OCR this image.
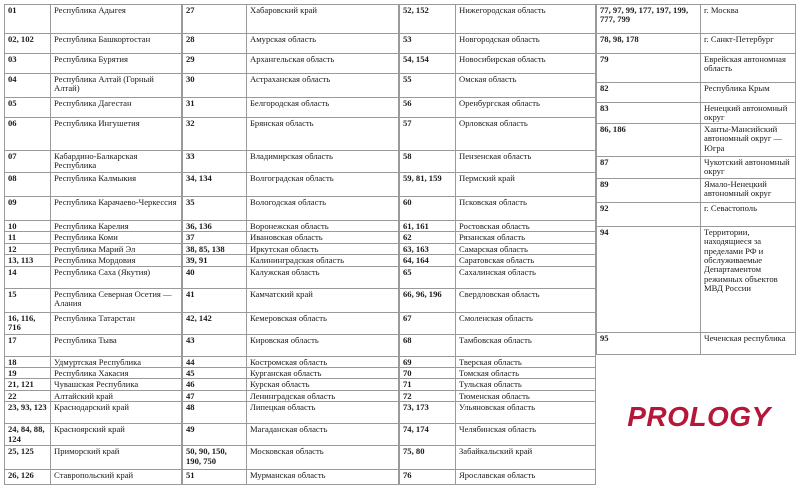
01	Республика Адыгея
02, 102	Республика Башкортостан
03	Республика Бурятия
04	Республика Алтай (Горный Алтай)
05	Республика Дагестан
06	Республика Ингушетия
07	Кабардино-Балкарская Республика
08	Республика Калмыкия
09	Республика Карачаево-Черкессия
10	Республика Карелия
11	Республика Коми
12	Республика Марий Эл
13, 113	Республика Мордовия
14	Республика Саха (Якутия)
15	Республика Северная Осетия — Алания
16, 116, 716	Республика Татарстан
17	Республика Тыва
18	Удмуртская Республика
19	Республика Хакасия
21, 121	Чувашская Республика
22	Алтайский край
23, 93, 123	Краснодарский край
24, 84, 88, 124	Красноярский край
25, 125	Приморский край
26, 126	Ставропольский край
27	Хабаровский край
28	Амурская область
29	Архангельская область
30	Астраханская область
31	Белгородская область
32	Брянская область
33	Владимирская область
34, 134	Волгоградская область
35	Вологодская область
36, 136	Воронежская область
37	Ивановская область
38, 85, 138	Иркутская область
39, 91	Калининградская область
40	Калужская область
41	Камчатский край
42, 142	Кемеровская область
43	Кировская область
44	Костромская область
45	Курганская область
46	Курская область
47	Ленинградская область
48	Липецкая область
49	Магаданская область
50, 90, 150, 190, 750	Московская область
51	Мурманская область
52, 152	Нижегородская область
53	Новгородская область
54, 154	Новосибирская область
55	Омская область
56	Оренбургская область
57	Орловская область
58	Пензенская область
59, 81, 159	Пермский край
60	Псковская область
61, 161	Ростовская область
62	Рязанская область
63, 163	Самарская область
64, 164	Саратовская область
65	Сахалинская область
66, 96, 196	Свердловская область
67	Смоленская область
68	Тамбовская область
69	Тверская область
70	Томская область
71	Тульская область
72	Тюменская область
73, 173	Ульяновская область
74, 174	Челябинская область
75, 80	Забайкальский край
76	Ярославская область
77, 97, 99, 177, 197, 199, 777, 799	г. Москва
78, 98, 178	г. Санкт-Петербург
79	Еврейская автономная область
82	Республика Крым
83	Ненецкий автономный округ
86, 186	Ханты-Мансийский автономный округ — Югра
87	Чукотский автономный округ
89	Ямало-Ненецкий автономный округ
92	г. Севастополь
94	Территории, находящиеся за пределами РФ и обслуживаемые Департаментом режимных объектов МВД России
95	Чеченская республика
PROLOGY
